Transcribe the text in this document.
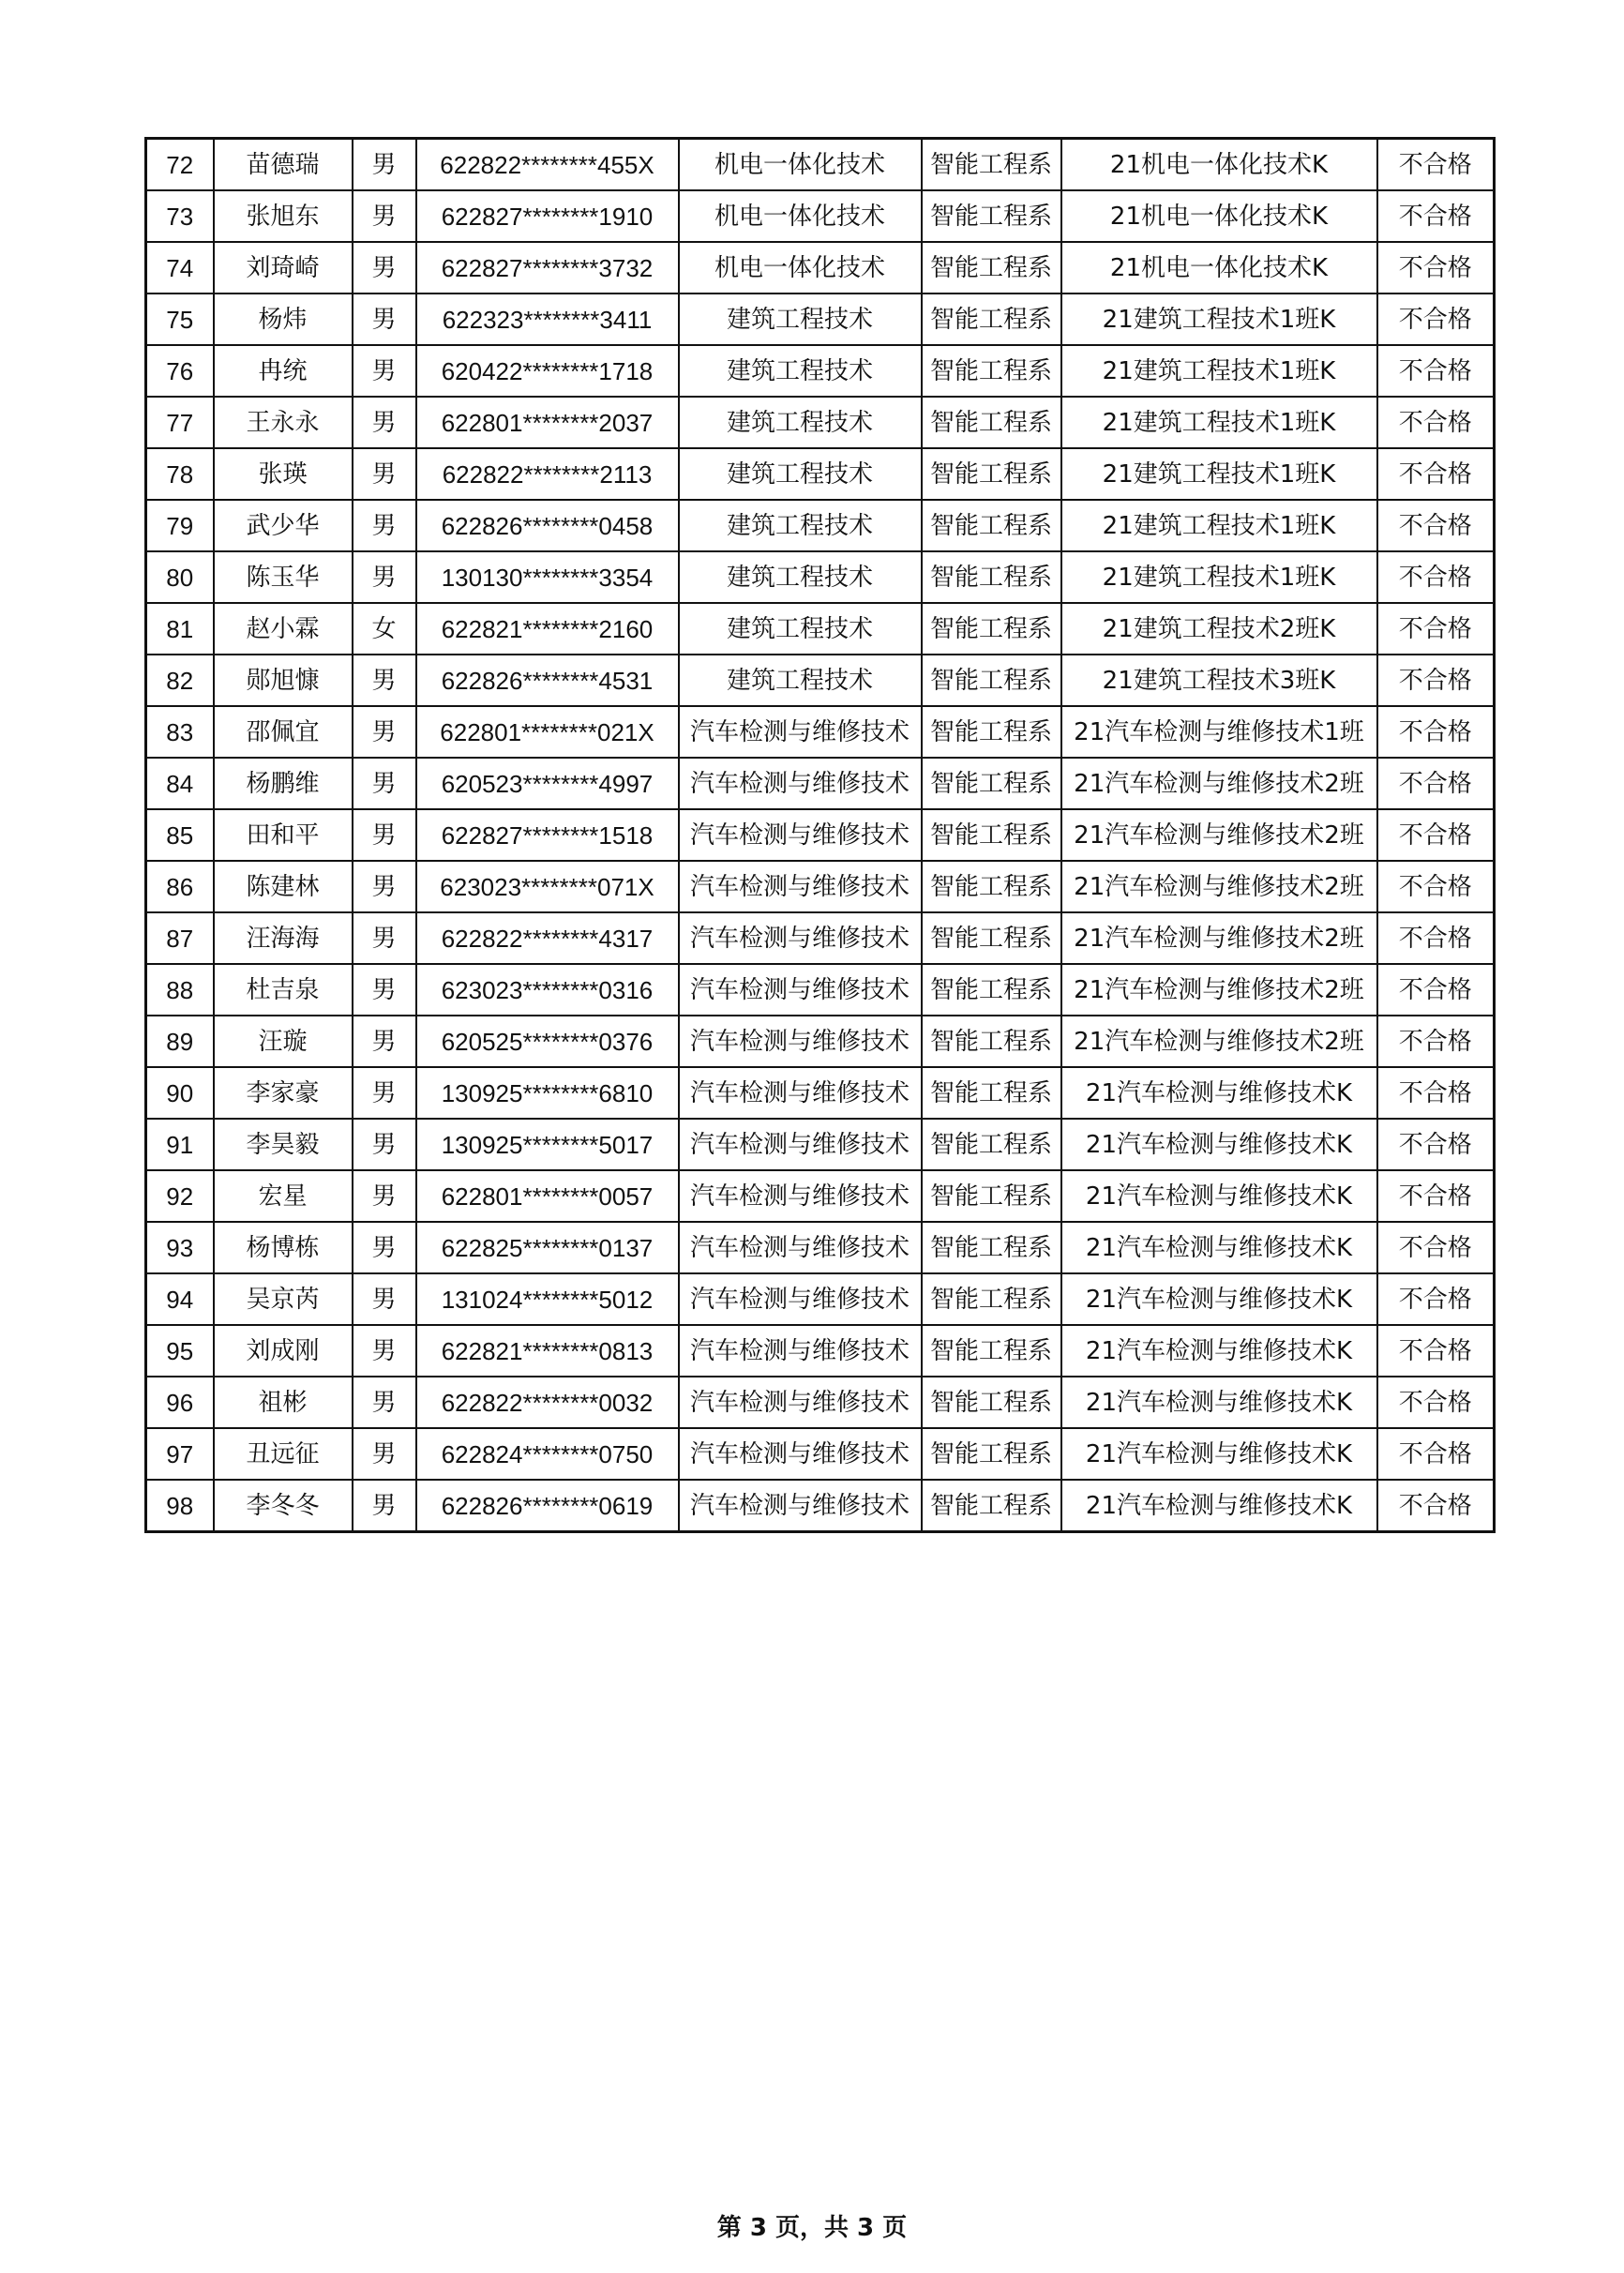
72	苗德瑞	男	622822********455X	机电一体化技术	智能工程系	21机电一体化技术K	不合格
73	张旭东	男	622827********1910	机电一体化技术	智能工程系	21机电一体化技术K	不合格
74	刘琦崎	男	622827********3732	机电一体化技术	智能工程系	21机电一体化技术K	不合格
75	杨炜	男	622323********3411	建筑工程技术	智能工程系	21建筑工程技术1班K	不合格
76	冉统	男	620422********1718	建筑工程技术	智能工程系	21建筑工程技术1班K	不合格
77	王永永	男	622801********2037	建筑工程技术	智能工程系	21建筑工程技术1班K	不合格
78	张瑛	男	622822********2113	建筑工程技术	智能工程系	21建筑工程技术1班K	不合格
79	武少华	男	622826********0458	建筑工程技术	智能工程系	21建筑工程技术1班K	不合格
80	陈玉华	男	130130********3354	建筑工程技术	智能工程系	21建筑工程技术1班K	不合格
81	赵小霖	女	622821********2160	建筑工程技术	智能工程系	21建筑工程技术2班K	不合格
82	郧旭慷	男	622826********4531	建筑工程技术	智能工程系	21建筑工程技术3班K	不合格
83	邵佩宜	男	622801********021X	汽车检测与维修技术	智能工程系	21汽车检测与维修技术1班	不合格
84	杨鹏维	男	620523********4997	汽车检测与维修技术	智能工程系	21汽车检测与维修技术2班	不合格
85	田和平	男	622827********1518	汽车检测与维修技术	智能工程系	21汽车检测与维修技术2班	不合格
86	陈建林	男	623023********071X	汽车检测与维修技术	智能工程系	21汽车检测与维修技术2班	不合格
87	汪海海	男	622822********4317	汽车检测与维修技术	智能工程系	21汽车检测与维修技术2班	不合格
88	杜吉泉	男	623023********0316	汽车检测与维修技术	智能工程系	21汽车检测与维修技术2班	不合格
89	汪璇	男	620525********0376	汽车检测与维修技术	智能工程系	21汽车检测与维修技术2班	不合格
90	李家豪	男	130925********6810	汽车检测与维修技术	智能工程系	21汽车检测与维修技术K	不合格
91	李昊毅	男	130925********5017	汽车检测与维修技术	智能工程系	21汽车检测与维修技术K	不合格
92	宏星	男	622801********0057	汽车检测与维修技术	智能工程系	21汽车检测与维修技术K	不合格
93	杨博栋	男	622825********0137	汽车检测与维修技术	智能工程系	21汽车检测与维修技术K	不合格
94	吴京芮	男	131024********5012	汽车检测与维修技术	智能工程系	21汽车检测与维修技术K	不合格
95	刘成刚	男	622821********0813	汽车检测与维修技术	智能工程系	21汽车检测与维修技术K	不合格
96	祖彬	男	622822********0032	汽车检测与维修技术	智能工程系	21汽车检测与维修技术K	不合格
97	丑远征	男	622824********0750	汽车检测与维修技术	智能工程系	21汽车检测与维修技术K	不合格
98	李冬冬	男	622826********0619	汽车检测与维修技术	智能工程系	21汽车检测与维修技术K	不合格
第 3 页，共 3 页
